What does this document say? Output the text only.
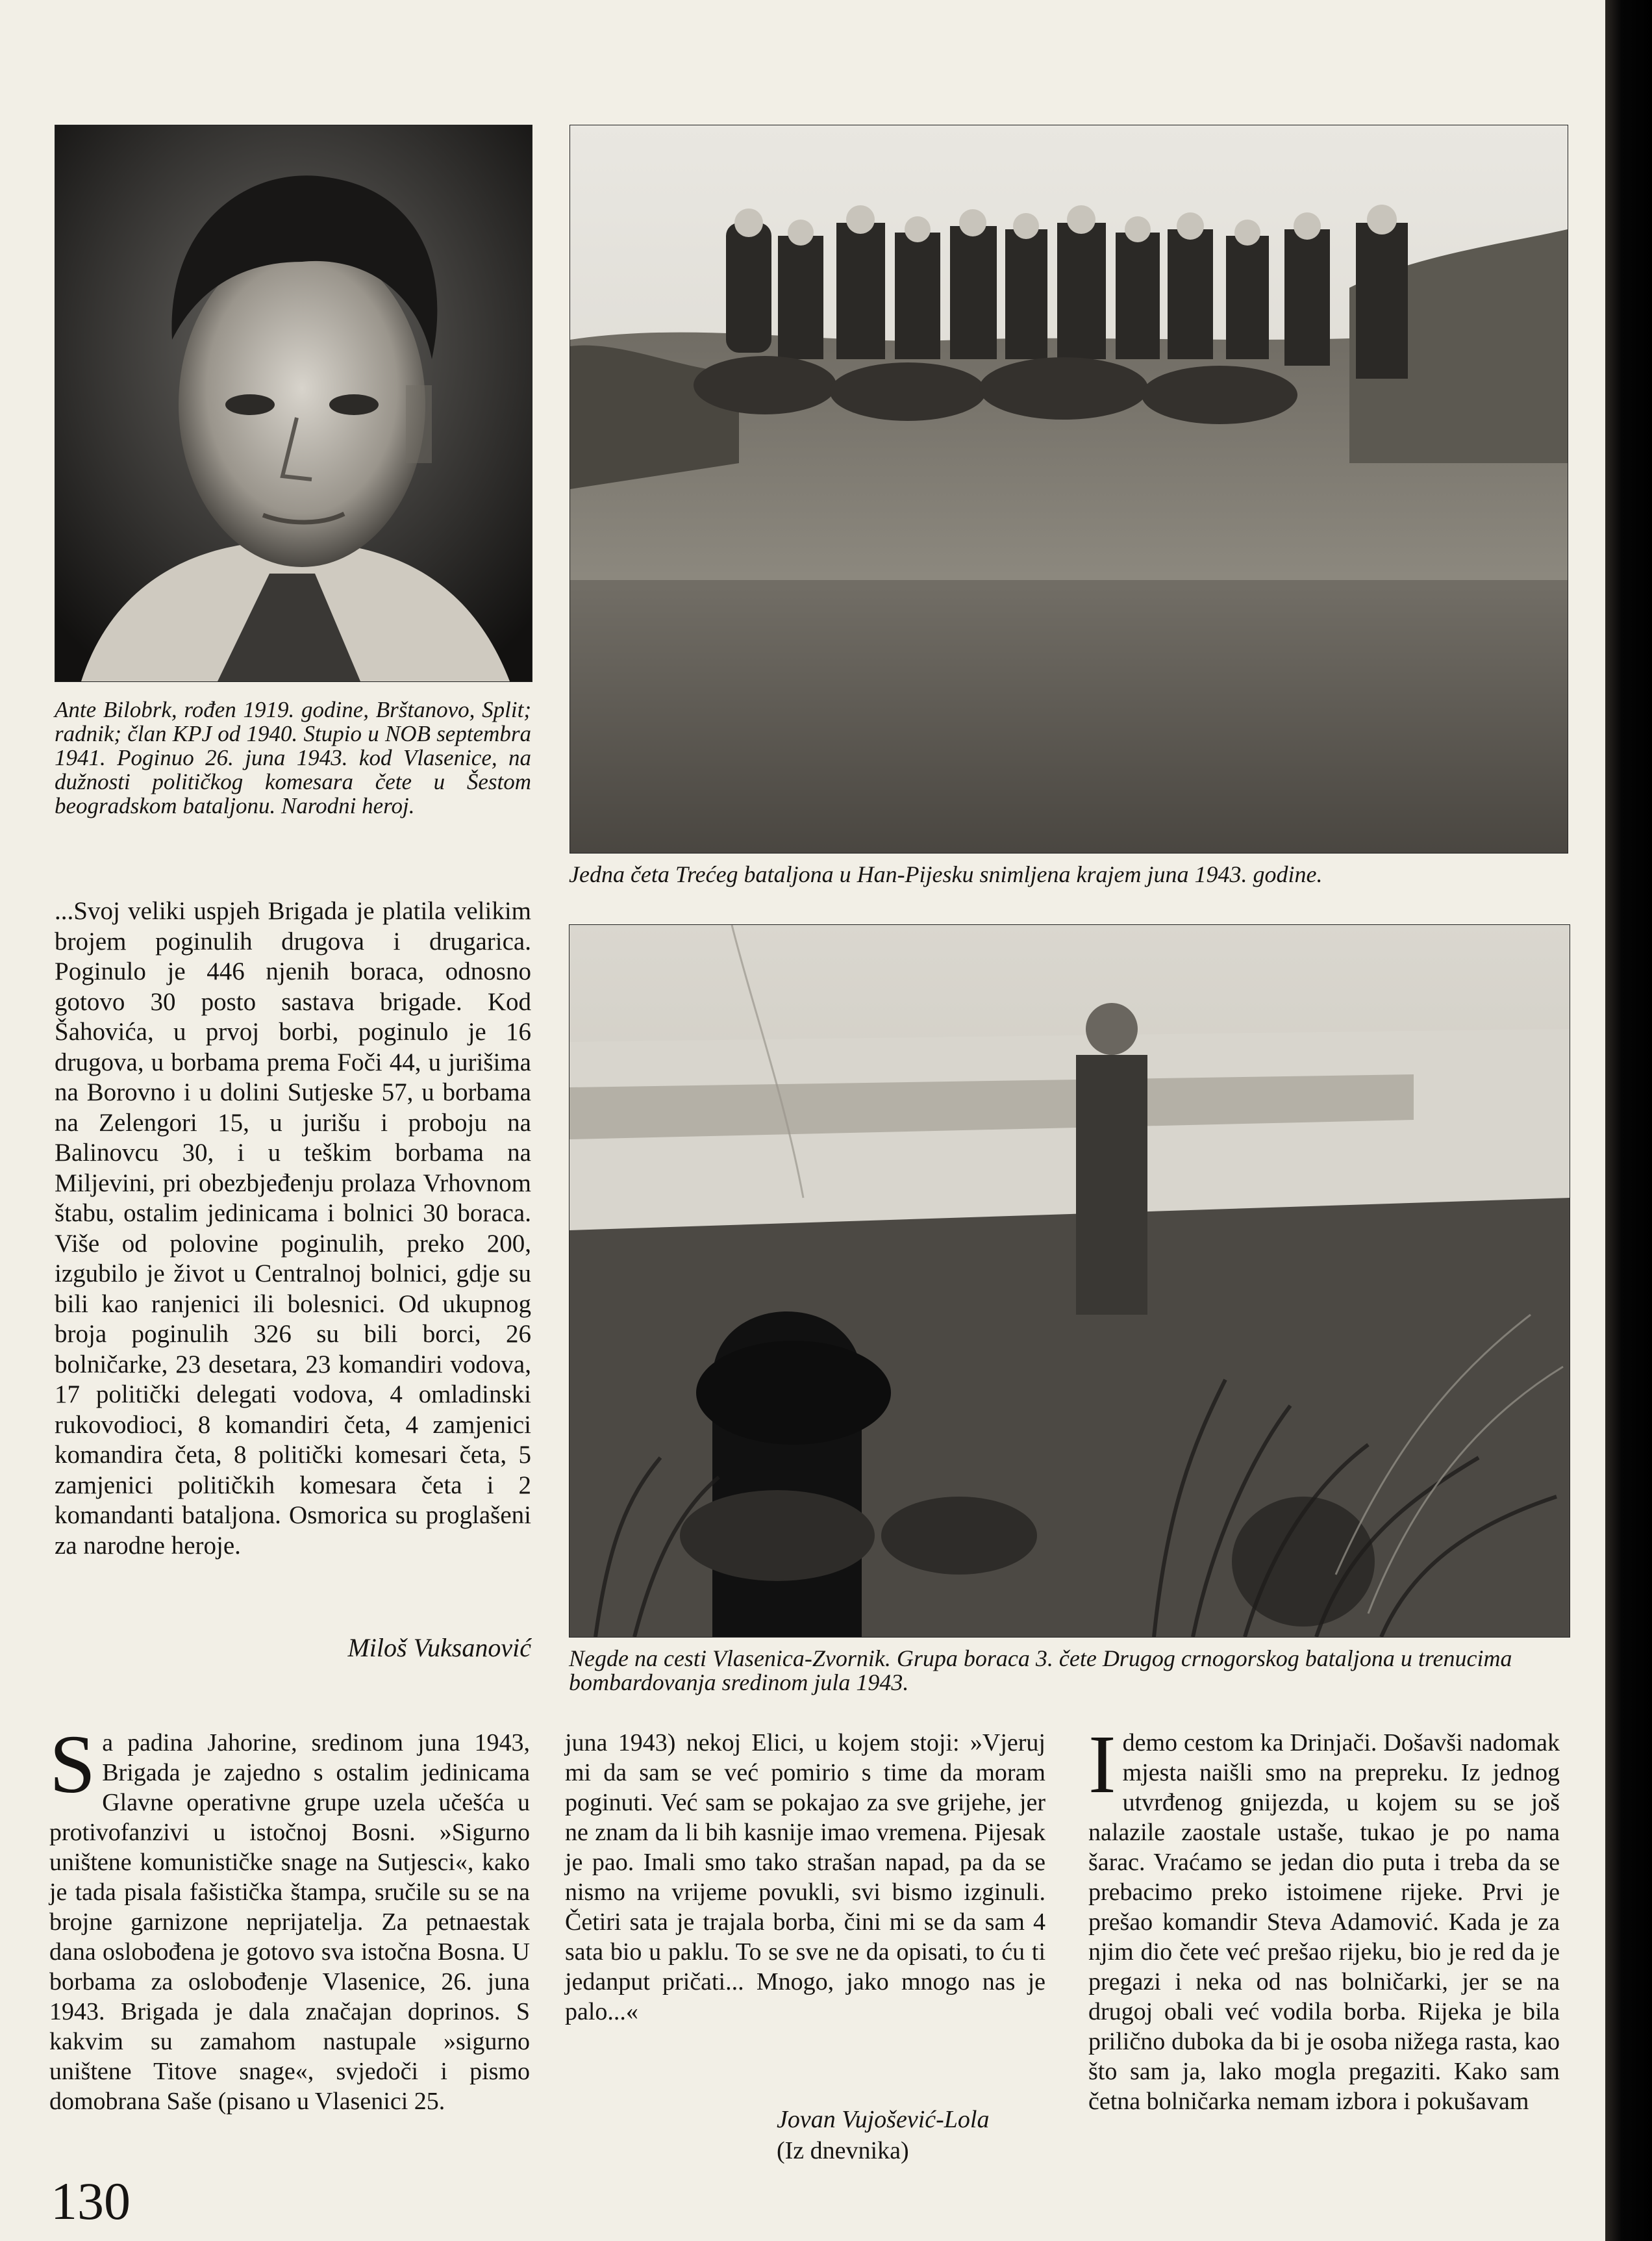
Ante Bilobrk, rođen 1919. godine, Brštanovo, Split; radnik; član KPJ od 1940. Stupio u NOB septembra 1941. Poginuo 26. juna 1943. kod Vlasenice, na dužnosti političkog komesara čete u Šestom beogradskom bataljonu. Narodni heroj.

Jedna četa Trećeg bataljona u Han-Pijesku snimljena krajem juna 1943. godine.

Negde na cesti Vlasenica-Zvornik. Grupa boraca 3. čete Drugog crnogorskog bataljona u trenucima bombardovanja sredinom jula 1943.

...Svoj veliki uspjeh Brigada je platila velikim brojem poginulih drugova i drugarica. Poginulo je 446 njenih boraca, odnosno gotovo 30 posto sastava brigade. Kod Šahovića, u prvoj borbi, poginulo je 16 drugova, u borbama prema Foči 44, u jurišima na Borovno i u dolini Sutjeske 57, u borbama na Zelengori 15, u jurišu i proboju na Balinovcu 30, i u teškim borbama na Miljevini, pri obezbjeđenju prolaza Vrhovnom štabu, ostalim jedinicama i bolnici 30 boraca. Više od polovine poginulih, preko 200, izgubilo je život u Centralnoj bolnici, gdje su bili kao ranjenici ili bolesnici. Od ukupnog broja poginulih 326 su bili borci, 26 bolničarke, 23 desetara, 23 komandiri vodova, 17 politički delegati vodova, 4 omladinski rukovodioci, 8 komandiri četa, 4 zamjenici komandira četa, 8 politički komesari četa, 5 zamjenici političkih komesara četa i 2 komandanti bataljona. Osmorica su proglašeni za narodne heroje.

Miloš Vuksanović

Sa padina Jahorine, sredinom juna 1943, Brigada je zajedno s ostalim jedinicama Glavne operativne grupe uzela učešća u protivofanzivi u istočnoj Bosni. »Sigurno uništene komunističke snage na Sutjesci«, kako je tada pisala fašistička štampa, sručile su se na brojne garnizone neprijatelja. Za petnaestak dana oslobođena je gotovo sva istočna Bosna. U borbama za oslobođenje Vlasenice, 26. juna 1943. Brigada je dala značajan doprinos. S kakvim su zamahom nastupale »sigurno uništene Titove snage«, svjedoči i pismo domobrana Saše (pisano u Vlasenici 25.

juna 1943) nekoj Elici, u kojem stoji: »Vjeruj mi da sam se već pomirio s time da moram poginuti. Već sam se pokajao za sve grijehe, jer ne znam da li bih kasnije imao vremena. Pijesak je pao. Imali smo tako strašan napad, pa da se nismo na vrijeme povukli, svi bismo izginuli. Četiri sata je trajala borba, čini mi se da sam 4 sata bio u paklu. To se sve ne da opisati, to ću ti jedanput pričati... Mnogo, jako mnogo nas je palo...«

Jovan Vujošević-Lola

(Iz dnevnika)

Idemo cestom ka Drinjači. Došavši nadomak mjesta naišli smo na prepreku. Iz jednog utvrđenog gnijezda, u kojem su se još nalazile zaostale ustaše, tukao je po nama šarac. Vraćamo se jedan dio puta i treba da se prebacimo preko istoimene rijeke. Prvi je prešao komandir Steva Adamović. Kada je za njim dio čete već prešao rijeku, bio je red da je pregazi i neka od nas bolničarki, jer se na drugoj obali već vodila borba. Rijeka je bila prilično duboka da bi je osoba nižega rasta, kao što sam ja, lako mogla pregaziti. Kako sam četna bolničarka nemam izbora i pokušavam

130
